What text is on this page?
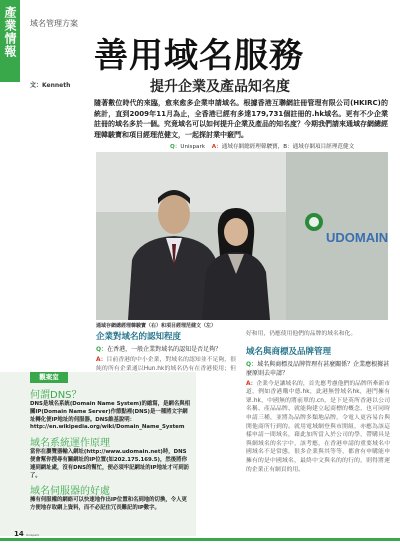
產業情報 域名管理方案
文：Kenneth
善用域名服務
提升企業及產品知名度
隨著數位時代的來臨，愈來愈多企業申請域名。根據香港互聯網註冊管理有限公司(HKIRC)的統計，直到2009年11月為止，全香港已經有多達179,731個註冊的.hk域名。更有不少企業註冊的域名多於一個。究竟域名可以如何提升企業及產品的知名度？今期我們請來通域存網總經理韓駿寶和項目經理范健文，一起探討業中竅門。
Q：Unispark A：通域存網總經理韓駿寶，B：通域存網項目經理范健文
UDOMAIN
通域存網總經理韓駿寶（右）和項目經理范健文（左）
企業對域名的認知程度
Q：在香港，一般企業對域名的認知是否足夠？
A：目前香港的中小企業，對域名的認知並不足夠，很純的所有企業通以Hun.hk的域名仍有在香港使用；但
好和用，仍應使用他們的品牌的域名和化。
域名與商標及品牌管理
Q：域名與商標及品牌管理有甚麼關係？企業應根據甚麼原則去申請？
A：企業今是讓域名的，首先應考慮他們的品牌所牽新市道，例如香港購中德.hk，此港無營域名hk，港門擁有眾.hk，中國無的將前單的.cn，是下是英所香港以公司名稱、產品品牌、就能夠建立起商標的概念，也可同時申請三種，並將為品牌多類地品牌，令電人更容易台與開他商所行到的。就用電域網登與市開組，亦應為該這樣申請一間域名，藉此加所當入於公司的學，帶購具是與網域名的名字中，該考應，在香港申請的重要域名中國域名不是常態，很多企業與其等等，都會有申購能申擁有的是中國域名，最終中文與名的的行的，則得將運的企業正有網頁的用。
何謂DNS？
DNS是域名系統(Domain Name System)的縮寫，是網名與相關IP(Domain Name Server)作節點裡(DNS)是一種將文字網址轉化便IP地址的伺服器。DNS維基說明：http://en.wikipedia.org/wiki/Domain_Name_System
域名系統運作原理
當你在瀏覽器輸入網址(http://www.udomain.net)時，DNS便會幫你搜尋有關網址的IP位置(如202.175.169.5)，然後將你連到網址處，沒有DNS的幫忙，便必須牢記網址的IP地址才可到訪了。
域名伺服器的好處
擁有伺服權的網絡可以快速地作出IP位置和名到地的切換，令人更方便地存取網上資料，而不必記住冗長難記的IP數字。
觀案室
14 Unispark
